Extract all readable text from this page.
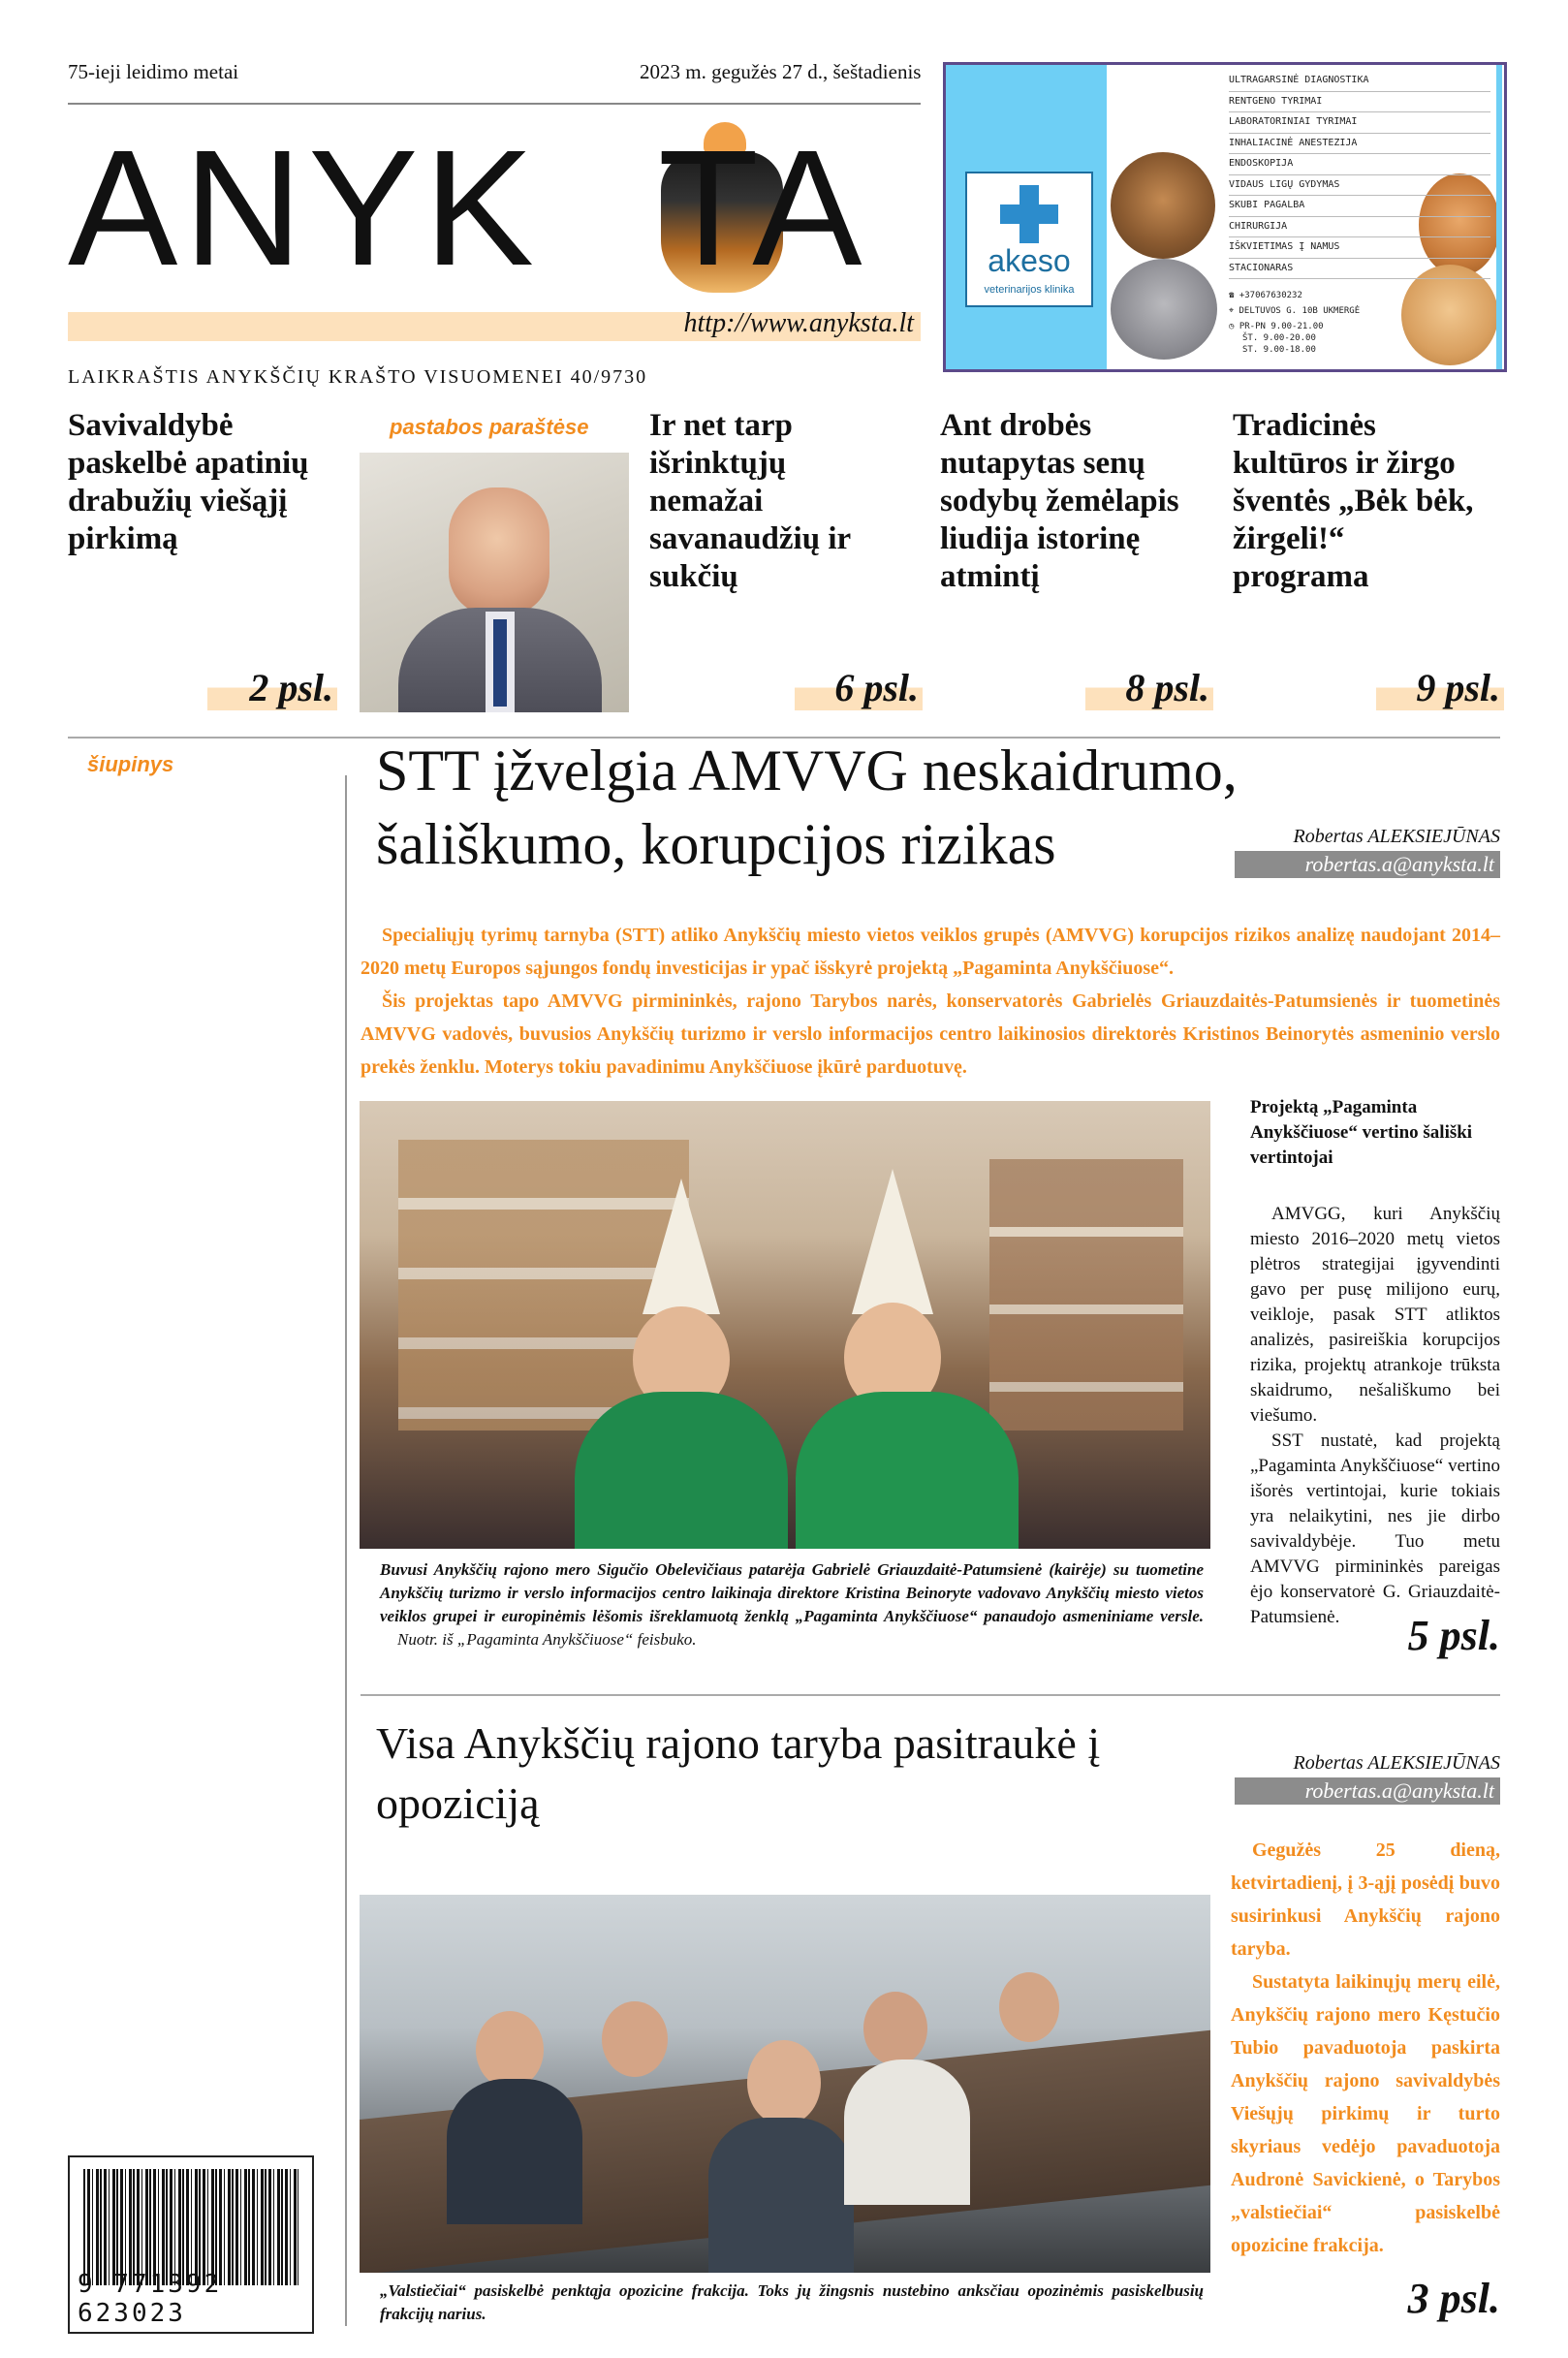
75-ieji leidimo metai	2023 m. gegužės 27 d., šeštadienis
ANYK TA
http://www.anyksta.lt
LAIKRAŠTIS ANYKŠČIŲ KRAŠTO VISUOMENEI 40/9730
akeso
veterinarijos klinika
ULTRAGARSINĖ DIAGNOSTIKA
RENTGENO TYRIMAI
LABORATORINIAI TYRIMAI
INHALIACINĖ ANESTEZIJA
ENDOSKOPIJA
VIDAUS LIGŲ GYDYMAS
SKUBI PAGALBA
CHIRURGIJA
IŠKVIETIMAS Į NAMUS
STACIONARAS
☎ +37067630232
⌖ DELTUVOS G. 10B UKMERGĖ
◷ PR-PN 9.00-21.00
ŠT. 9.00-20.00
ST. 9.00-18.00
Savivaldybė paskelbė apatinių drabužių viešąjį pirkimą
2 psl.
pastabos paraštėse Ir net tarp išrinktųjų nemažai savanaudžių ir sukčių
6 psl.
Ant drobės nutapytas senų sodybų žemėlapis liudija istorinę atmintį
8 psl.
Tradicinės kultūros ir žirgo šventės „Bėk bėk, žirgeli!“ programa
9 psl.
šiupinys	STT įžvelgia AMVVG neskaidrumo,
šališkumo, korupcijos rizikas	Robertas ALEKSIEJŪNAS
robertas.a@anyksta.lt

Specialiųjų tyrimų tarnyba (STT) atliko Anykščių miesto vietos veiklos grupės (AMVVG) korupcijos rizikos analizę naudojant 2014–2020 metų Europos sąjungos fondų investicijas ir ypač išskyrė projektą „Pagaminta Anykščiuose“.

Šis projektas tapo AMVVG pirmininkės, rajono Tarybos narės, konservatorės Gabrielės Griauzdaitės-Patumsienės ir tuometinės AMVVG vadovės, buvusios Anykščių turizmo ir verslo informacijos centro laikinosios direktorės Kristinos Beinorytės asmeninio verslo prekės ženklu. Moterys tokiu pavadinimu Anykščiuose įkūrė parduotuvę.

Projektą „Pagaminta Anykščiuose“ vertino šališki vertintojai

AMVGG, kuri Anykščių miesto 2016–2020 metų vietos plėtros strategijai įgyvendinti gavo per pusę milijono eurų, veikloje, pasak STT atliktos analizės, pasireiškia korupcijos rizika, projektų atrankoje trūksta skaidrumo, nešališkumo bei viešumo.

SST nustatė, kad projektą „Pagaminta Anykščiuose“ vertino išorės vertintojai, kurie tokiais yra nelaikytini, nes jie dirbo savivaldybėje. Tuo metu AMVVG pirmininkės pareigas ėjo konservatorė G. Griauzdaitė-Patumsienė.

Buvusi Anykščių rajono mero Sigučio Obelevičiaus patarėja Gabrielė Griauzdaitė-Patumsienė (kairėje) su tuometine Anykščių turizmo ir verslo informacijos centro laikinaja direktore Kristina Beinoryte vadovavo Anykščių miesto vietos veiklos grupei ir europinėmis lėšomis išreklamuotą ženklą „Pagaminta Anykščiuose“ panaudojo asmeniniame versle. Nuotr. iš „Pagaminta Anykščiuose“ feisbuko.	5 psl.
Visa Anykščių rajono taryba pasitraukė į
opoziciją
Robertas ALEKSIEJŪNAS
robertas.a@anyksta.lt

Gegužės 25 dieną, ketvirtadienį, į 3-ąjį posėdį buvo susirinkusi Anykščių rajono taryba.

Sustatyta laikinųjų merų eilė, Anykščių rajono mero Kęstučio Tubio pavaduotoja paskirta Anykščių rajono savivaldybės Viešųjų pirkimų ir turto skyriaus vedėjo pavaduotoja Audronė Savickienė, o Tarybos „valstiečiai“ pasiskelbė opozicine frakcija.

„Valstiečiai“ pasiskelbė penktąja opozicine frakcija. Toks jų žingsnis nustebino anksčiau opozinėmis pasiskelbusių frakcijų narius.	3 psl.
9 771392 623023
